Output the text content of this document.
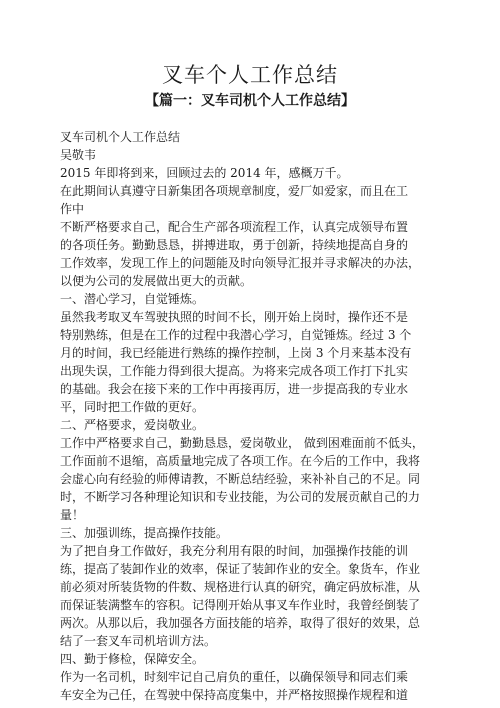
叉车个人工作总结
【篇一：叉车司机个人工作总结】
叉车司机个人工作总结
吴敬韦
2015 年即将到来，回顾过去的 2014 年，感概万千。
在此期间认真遵守日新集团各项规章制度，爱厂如爱家，而且在工
作中
不断严格要求自己，配合生产部各项流程工作，认真完成领导布置
的各项任务。勤勤恳恳，拼搏进取，勇于创新，持续地提高自身的
工作效率，发现工作上的问题能及时向领导汇报并寻求解决的办法，
以便为公司的发展做出更大的贡献。
一、潜心学习，自觉锤炼。
虽然我考取叉车驾驶执照的时间不长，刚开始上岗时，操作还不是
特别熟练，但是在工作的过程中我潜心学习，自觉锤炼。经过 3 个
月的时间，我已经能进行熟练的操作控制，上岗 3 个月来基本没有
出现失误，工作能力得到很大提高。为将来完成各项工作打下扎实
的基础。我会在接下来的工作中再接再厉，进一步提高我的专业水
平，同时把工作做的更好。
二、严格要求，爱岗敬业。
工作中严格要求自己，勤勤恳恳，爱岗敬业， 做到困难面前不低头，
工作面前不退缩，高质量地完成了各项工作。在今后的工作中，我将
会虚心向有经验的师傅请教，不断总结经验，来补补自己的不足。同
时，不断学习各种理论知识和专业技能，为公司的发展贡献自己的力
量！
三、加强训练，提高操作技能。
为了把自身工作做好，我充分利用有限的时间，加强操作技能的训
练，提高了装卸作业的效率，保证了装卸作业的安全。象货车，作业
前必须对所装货物的件数、规格进行认真的研究，确定码放标准，从
而保证装满整车的容积。记得刚开始从事叉车作业时，我曾经倒装了
两次。从那以后，我加强各方面技能的培养，取得了很好的效果，总
结了一套叉车司机培训方法。
四、勤于修检，保障安全。
作为一名司机，时刻牢记自己肩负的重任，以确保领导和同志们乘
车安全为己任，在驾驶中保持高度集中，并严格按照操作规程和道
